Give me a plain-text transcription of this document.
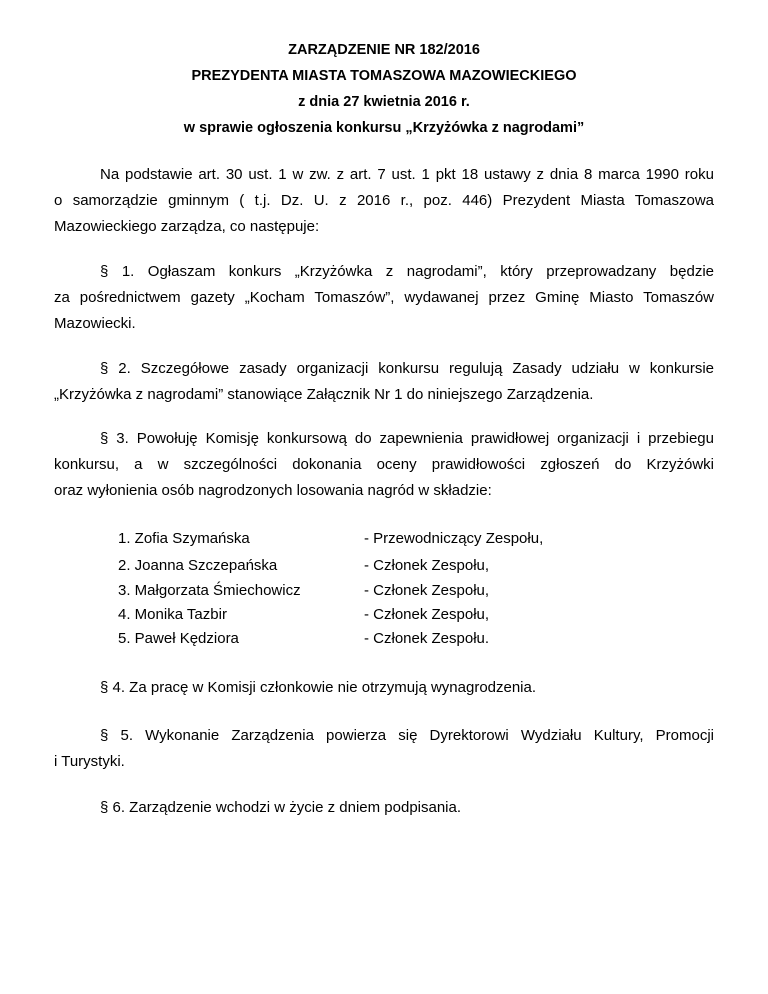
ZARZĄDZENIE NR 182/2016
PREZYDENTA MIASTA TOMASZOWA MAZOWIECKIEGO
z dnia 27 kwietnia 2016 r.
w sprawie ogłoszenia konkursu „Krzyżówka z nagrodami”
Na podstawie art. 30 ust. 1 w zw. z art. 7 ust. 1 pkt 18 ustawy z dnia 8 marca 1990 roku
o samorządzie gminnym ( t.j. Dz. U. z 2016 r., poz. 446) Prezydent Miasta Tomaszowa
Mazowieckiego zarządza, co następuje:
§ 1. Ogłaszam konkurs „Krzyżówka z nagrodami”, który przeprowadzany będzie
za pośrednictwem gazety „Kocham Tomaszów”, wydawanej przez Gminę Miasto Tomaszów
Mazowiecki.
§ 2. Szczegółowe zasady organizacji konkursu regulują Zasady udziału w konkursie
„Krzyżówka z nagrodami” stanowiące Załącznik Nr 1 do niniejszego Zarządzenia.
§ 3. Powołuję Komisję konkursową do zapewnienia prawidłowej organizacji i przebiegu
konkursu, a w szczególności dokonania oceny prawidłowości zgłoszeń do Krzyżówki
oraz wyłonienia osób nagrodzonych losowania nagród w składzie:
1. Zofia Szymańska	- Przewodniczący Zespołu,
2. Joanna Szczepańska	- Członek Zespołu,
3. Małgorzata Śmiechowicz	- Członek Zespołu,
4. Monika Tazbir	- Członek Zespołu,
5. Paweł Kędziora	- Członek Zespołu.
§ 4. Za pracę w Komisji członkowie nie otrzymują wynagrodzenia.
§ 5. Wykonanie Zarządzenia powierza się Dyrektorowi Wydziału Kultury, Promocji
i Turystyki.
§ 6. Zarządzenie wchodzi w życie z dniem podpisania.
